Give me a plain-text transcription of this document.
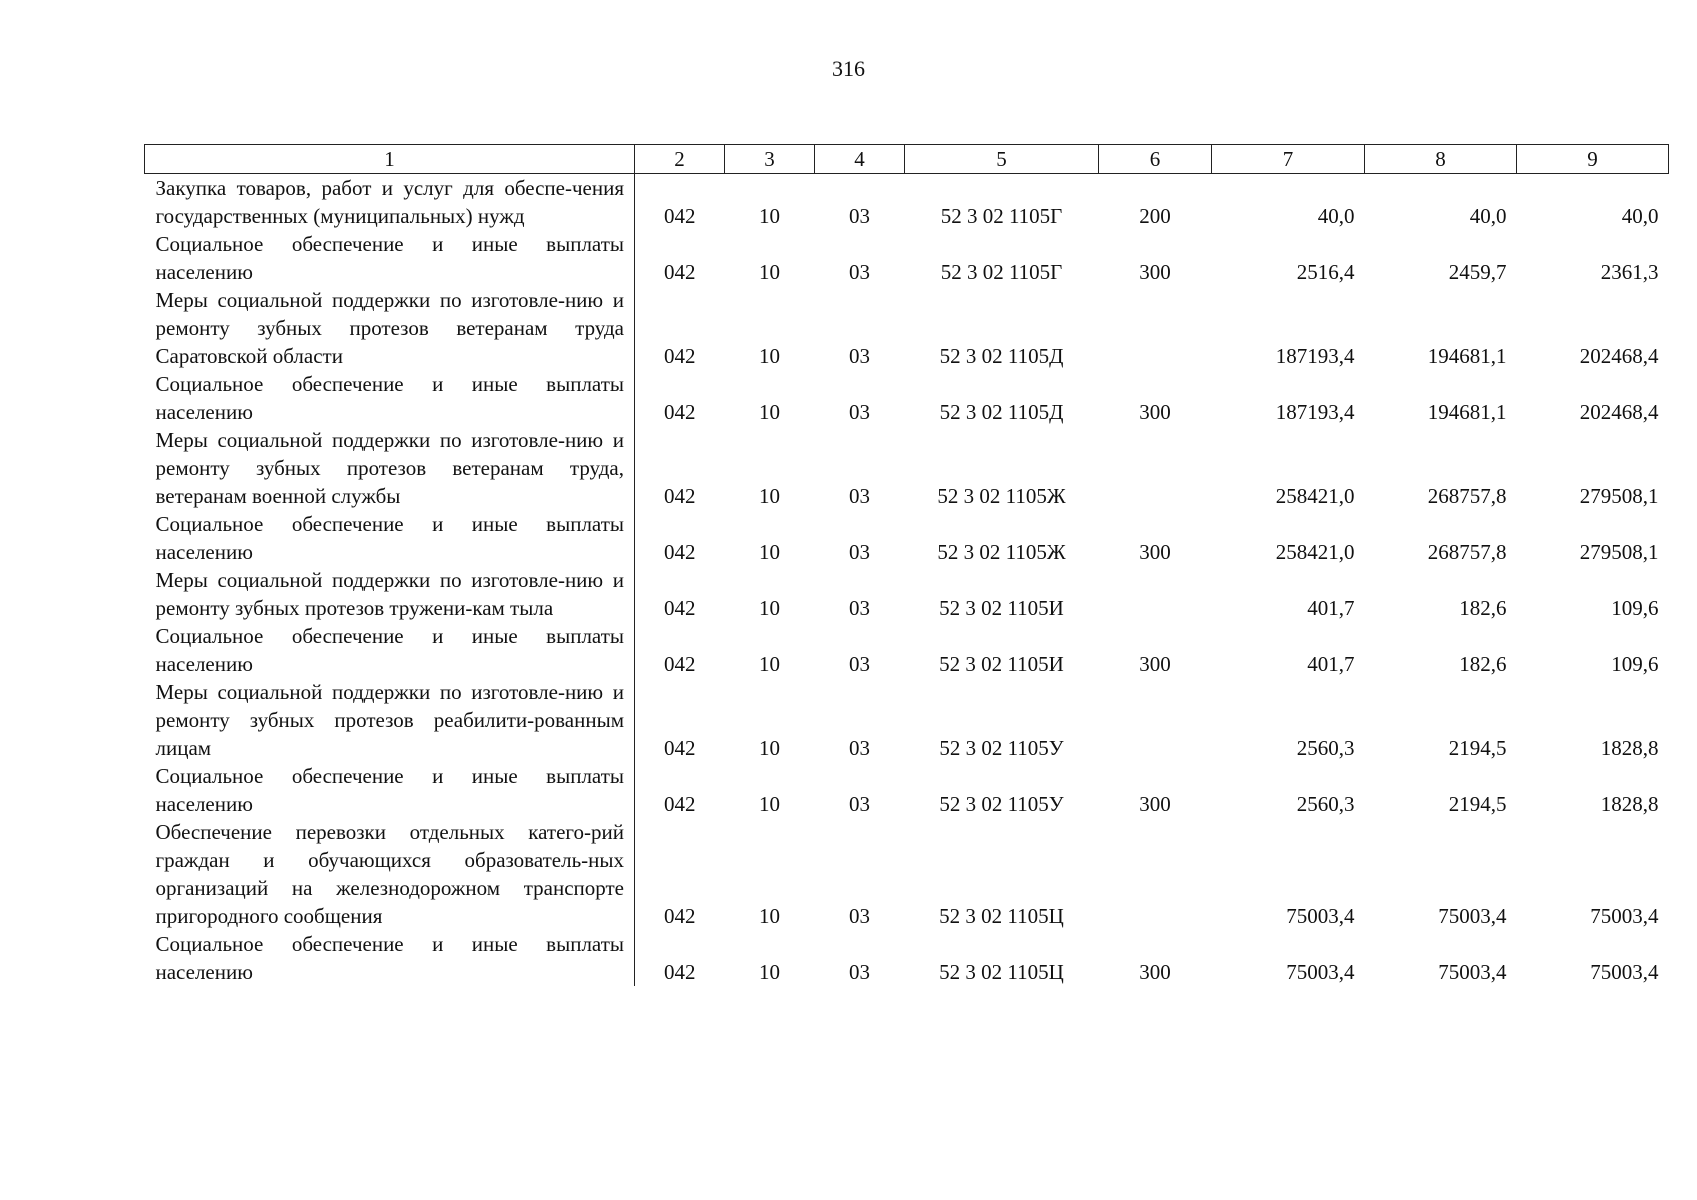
316
1	2	3	4	5	6	7	8	9
Закупка товаров, работ и услуг для обеспе-чения государственных (муниципальных) нужд	042	10	03	52 3 02 1105Г	200	40,0	40,0	40,0
Социальное обеспечение и иные выплаты населению	042	10	03	52 3 02 1105Г	300	2516,4	2459,7	2361,3
Меры социальной поддержки по изготовле-нию и ремонту зубных протезов ветеранам труда Саратовской области	042	10	03	52 3 02 1105Д		187193,4	194681,1	202468,4
Социальное обеспечение и иные выплаты населению	042	10	03	52 3 02 1105Д	300	187193,4	194681,1	202468,4
Меры социальной поддержки по изготовле-нию и ремонту зубных протезов ветеранам труда, ветеранам военной службы	042	10	03	52 3 02 1105Ж		258421,0	268757,8	279508,1
Социальное обеспечение и иные выплаты населению	042	10	03	52 3 02 1105Ж	300	258421,0	268757,8	279508,1
Меры социальной поддержки по изготовле-нию и ремонту зубных протезов тружени-кам тыла	042	10	03	52 3 02 1105И		401,7	182,6	109,6
Социальное обеспечение и иные выплаты населению	042	10	03	52 3 02 1105И	300	401,7	182,6	109,6
Меры социальной поддержки по изготовле-нию и ремонту зубных протезов реабилити-рованным лицам	042	10	03	52 3 02 1105У		2560,3	2194,5	1828,8
Социальное обеспечение и иные выплаты населению	042	10	03	52 3 02 1105У	300	2560,3	2194,5	1828,8
Обеспечение перевозки отдельных катего-рий граждан и обучающихся образователь-ных организаций на железнодорожном транспорте пригородного сообщения	042	10	03	52 3 02 1105Ц		75003,4	75003,4	75003,4
Социальное обеспечение и иные выплаты населению	042	10	03	52 3 02 1105Ц	300	75003,4	75003,4	75003,4
